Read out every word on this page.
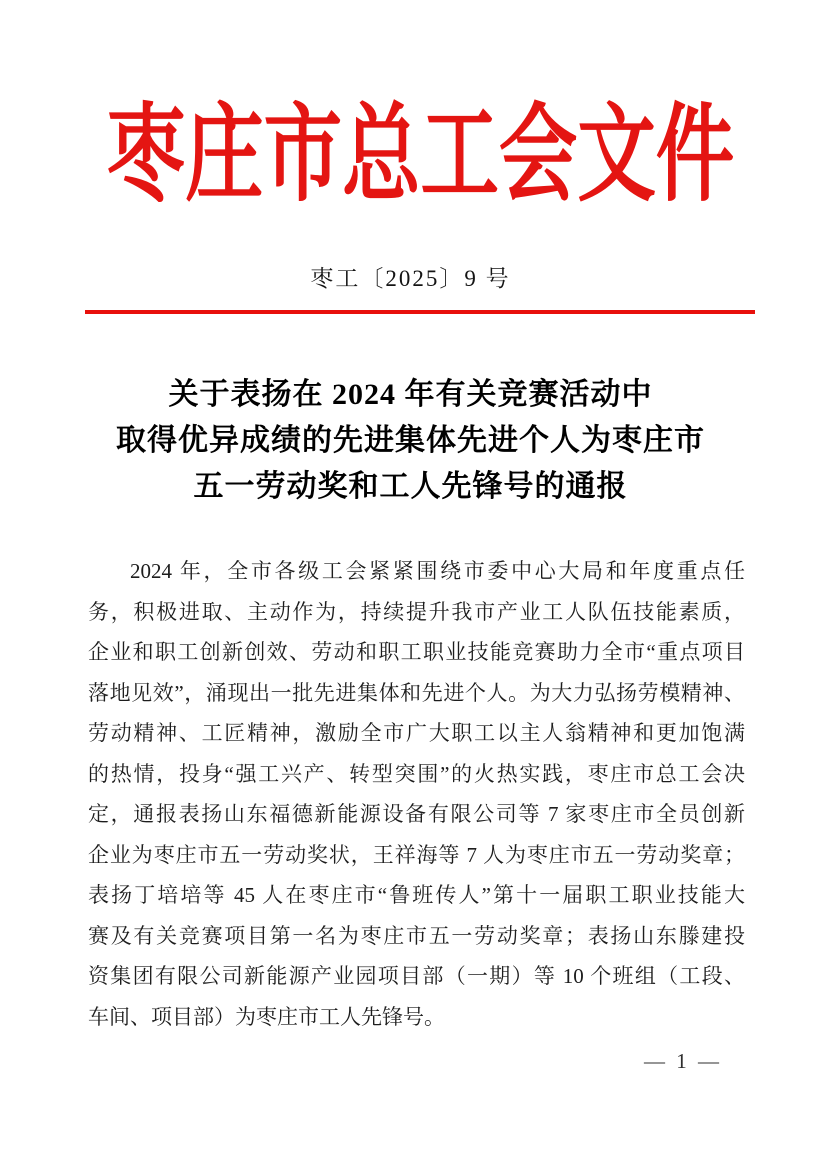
枣庄市总工会文件
枣工〔2025〕9 号
关于表扬在 2024 年有关竞赛活动中
取得优异成绩的先进集体先进个人为枣庄市
五一劳动奖和工人先锋号的通报
2024 年，全市各级工会紧紧围绕市委中心大局和年度重点任
务，积极进取、主动作为，持续提升我市产业工人队伍技能素质，
企业和职工创新创效、劳动和职工职业技能竞赛助力全市“重点项目
落地见效”，涌现出一批先进集体和先进个人。为大力弘扬劳模精神、
劳动精神、工匠精神，激励全市广大职工以主人翁精神和更加饱满
的热情，投身“强工兴产、转型突围”的火热实践，枣庄市总工会决
定，通报表扬山东福德新能源设备有限公司等 7 家枣庄市全员创新
企业为枣庄市五一劳动奖状，王祥海等 7 人为枣庄市五一劳动奖章；
表扬丁培培等 45 人在枣庄市“鲁班传人”第十一届职工职业技能大
赛及有关竞赛项目第一名为枣庄市五一劳动奖章；表扬山东滕建投
资集团有限公司新能源产业园项目部（一期）等 10 个班组（工段、
车间、项目部）为枣庄市工人先锋号。
— 1 —
